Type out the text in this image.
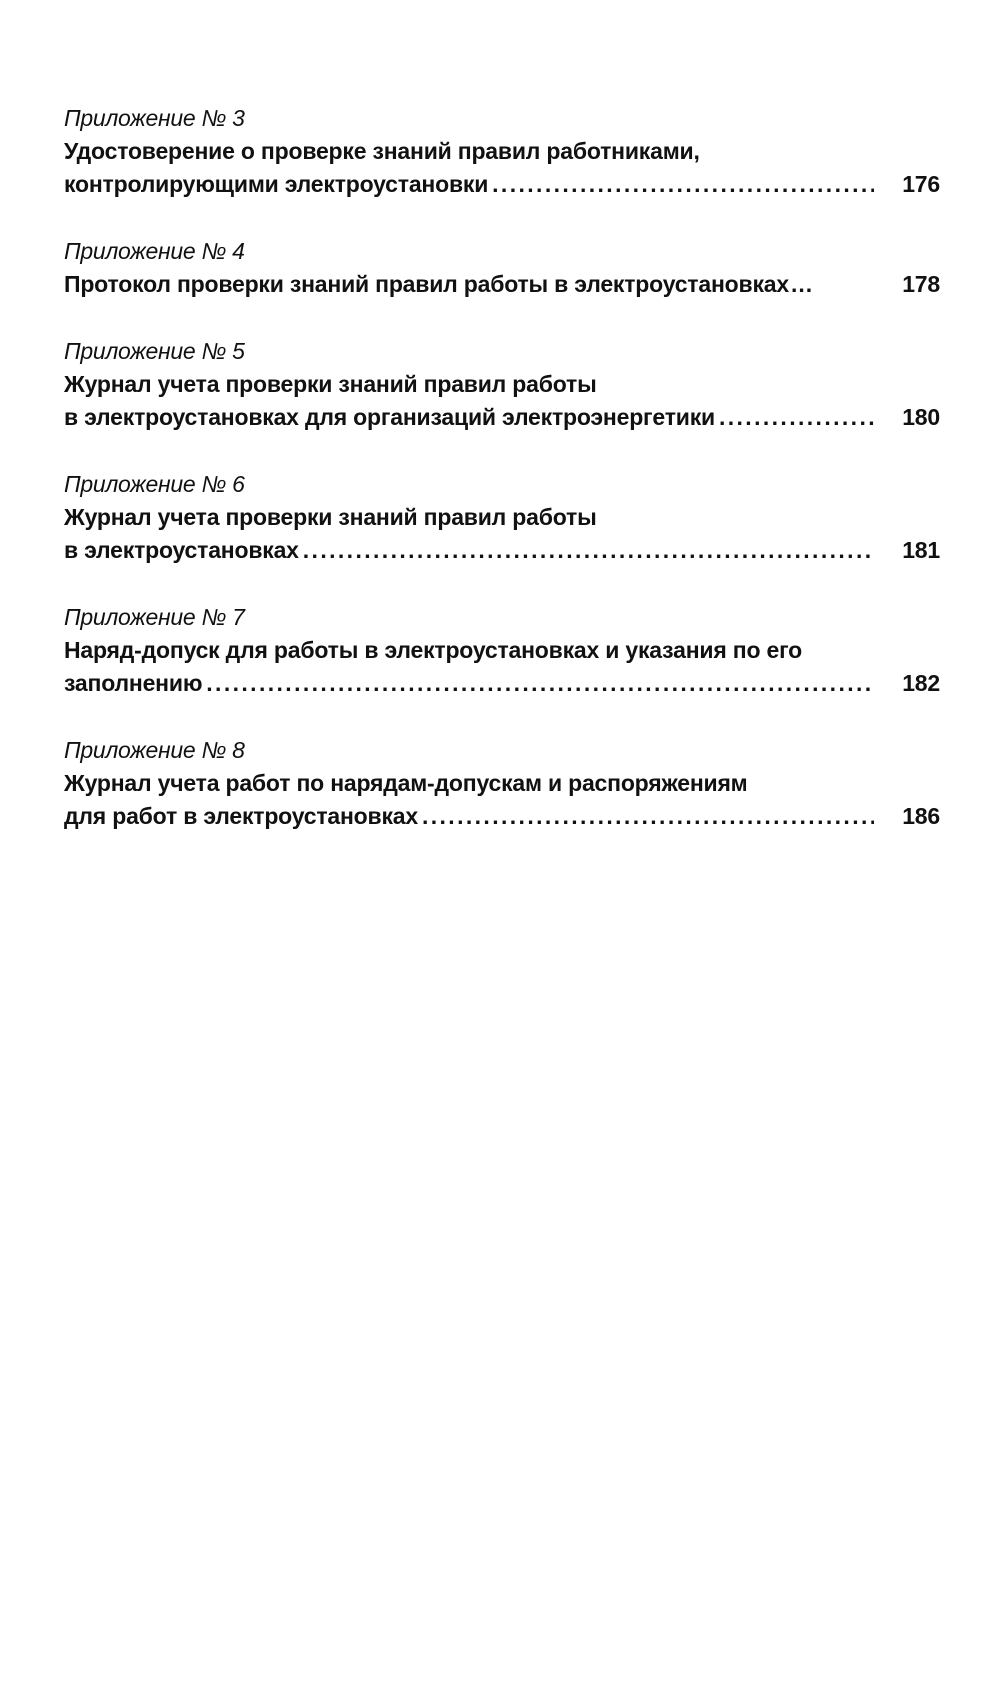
Приложение № 3
Удостоверение о проверке знаний правил работниками,
контролирующими электроустановки . . .	176
Приложение № 4
Протокол проверки знаний правил работы в электроустановках...	178
Приложение № 5
Журнал учета проверки знаний правил работы
в электроустановках для организаций электроэнергетики . . .	180
Приложение № 6
Журнал учета проверки знаний правил работы
в электроустановках . . .	181
Приложение № 7
Наряд-допуск для работы в электроустановках и указания по его
заполнению . . .	182
Приложение № 8
Журнал учета работ по нарядам-допускам и распоряжениям
для работ в электроустановках . . .	186
